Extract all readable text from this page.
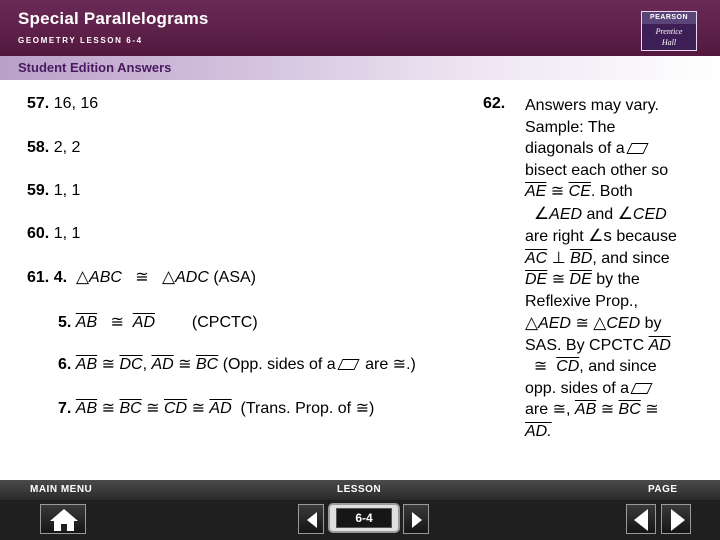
Special Parallelograms
GEOMETRY LESSON 6-4
PEARSON
Prentice
Hall
Student Edition Answers
57. 16, 16
58. 2, 2
59. 1, 1
60. 1, 1
61. 4. △ABC ≅ △ADC (ASA)
5. $\overline{AB}$ ≅ $\overline{AD}$ (CPCTC)
6. $\overline{AB}$ ≅ $\overline{DC}$, $\overline{AD}$ ≅ $\overline{BC}$ (Opp. sides of a are ≅.)
7. $\overline{AB}$ ≅ $\overline{BC}$ ≅ $\overline{CD}$ ≅ $\overline{AD}$ (Trans. Prop. of ≅)
62. Answers may vary.
Sample: The
diagonals of a
bisect each other so
$\overline{AE}$ ≅ $\overline{CE}$. Both
∠AED and ∠CED
are right ∠s because
$\overline{AC}$ ⊥ $\overline{BD}$, and since
$\overline{DE}$ ≅ $\overline{DE}$ by the
Reflexive Prop.,
△AED ≅ △CED by
SAS. By CPCTC $\overline{AD}$
≅ $\overline{CD}$, and since
opp. sides of a
are ≅, $\overline{AB}$ ≅ $\overline{BC}$ ≅
AD.
MAIN MENU	LESSON	PAGE
6-4
